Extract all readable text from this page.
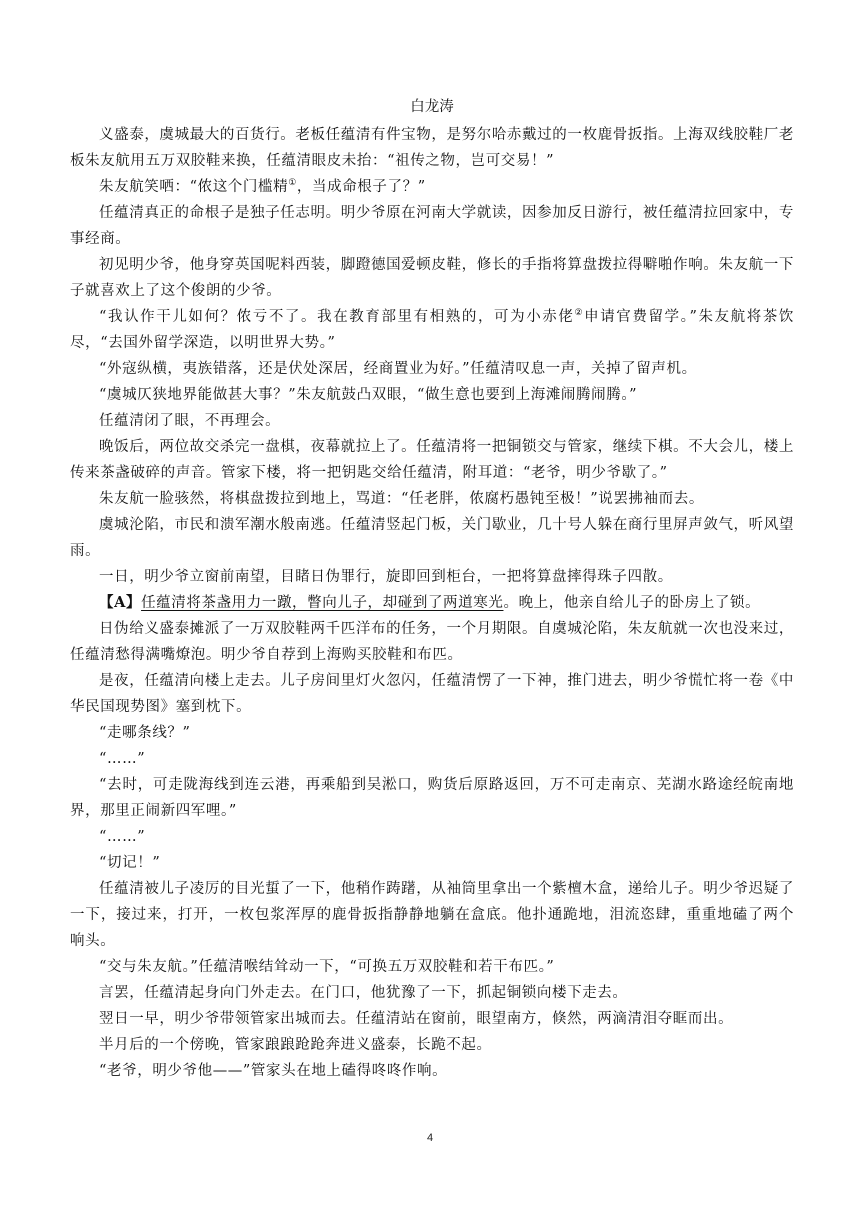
白龙涛

义盛泰，虞城最大的百货行。老板任蕴清有件宝物，是努尔哈赤戴过的一枚鹿骨扳指。上海双线胶鞋厂老板朱友航用五万双胶鞋来换，任蕴清眼皮未抬：“祖传之物，岂可交易！”

朱友航笑哂：“侬这个门槛精①，当成命根子了？”

任蕴清真正的命根子是独子任志明。明少爷原在河南大学就读，因参加反日游行，被任蕴清拉回家中，专事经商。

初见明少爷，他身穿英国呢料西装，脚蹬德国爱顿皮鞋，修长的手指将算盘拨拉得噼啪作响。朱友航一下子就喜欢上了这个俊朗的少爷。

“我认作干儿如何？侬亏不了。我在教育部里有相熟的，可为小赤佬②申请官费留学。”朱友航将茶饮尽，“去国外留学深造，以明世界大势。”

“外寇纵横，夷族错落，还是伏处深居，经商置业为好。”任蕴清叹息一声，关掉了留声机。

“虞城仄狭地界能做甚大事？”朱友航鼓凸双眼，“做生意也要到上海滩闹腾闹腾。”

任蕴清闭了眼，不再理会。

晚饭后，两位故交杀完一盘棋，夜幕就拉上了。任蕴清将一把铜锁交与管家，继续下棋。不大会儿，楼上传来茶盏破碎的声音。管家下楼，将一把钥匙交给任蕴清，附耳道：“老爷，明少爷歇了。”

朱友航一脸骇然，将棋盘拨拉到地上，骂道：“任老胖，侬腐朽愚钝至极！”说罢拂袖而去。

虞城沦陷，市民和溃军潮水般南逃。任蕴清竖起门板，关门歇业，几十号人躲在商行里屏声敛气，听风望雨。

一日，明少爷立窗前南望，目睹日伪罪行，旋即回到柜台，一把将算盘摔得珠子四散。

【A】任蕴清将茶盏用力一蹾，瞥向儿子，却碰到了两道寒光。晚上，他亲自给儿子的卧房上了锁。

日伪给义盛泰摊派了一万双胶鞋两千匹洋布的任务，一个月期限。自虞城沦陷，朱友航就一次也没来过，任蕴清愁得满嘴燎泡。明少爷自荐到上海购买胶鞋和布匹。

是夜，任蕴清向楼上走去。儿子房间里灯火忽闪，任蕴清愣了一下神，推门进去，明少爷慌忙将一卷《中华民国现势图》塞到枕下。

“走哪条线？”

“……”

“去时，可走陇海线到连云港，再乘船到吴淞口，购货后原路返回，万不可走南京、芜湖水路途经皖南地界，那里正闹新四军哩。”

“……”

“切记！”

任蕴清被儿子凌厉的目光蜇了一下，他稍作踌躇，从袖筒里拿出一个紫檀木盒，递给儿子。明少爷迟疑了一下，接过来，打开，一枚包浆浑厚的鹿骨扳指静静地躺在盒底。他扑通跪地，泪流恣肆，重重地磕了两个响头。

“交与朱友航。”任蕴清喉结耸动一下，“可换五万双胶鞋和若干布匹。”

言罢，任蕴清起身向门外走去。在门口，他犹豫了一下，抓起铜锁向楼下走去。

翌日一早，明少爷带领管家出城而去。任蕴清站在窗前，眼望南方，倏然，两滴清泪夺眶而出。

半月后的一个傍晚，管家踉踉跄跄奔进义盛泰，长跪不起。

“老爷，明少爷他——”管家头在地上磕得咚咚作响。

4
